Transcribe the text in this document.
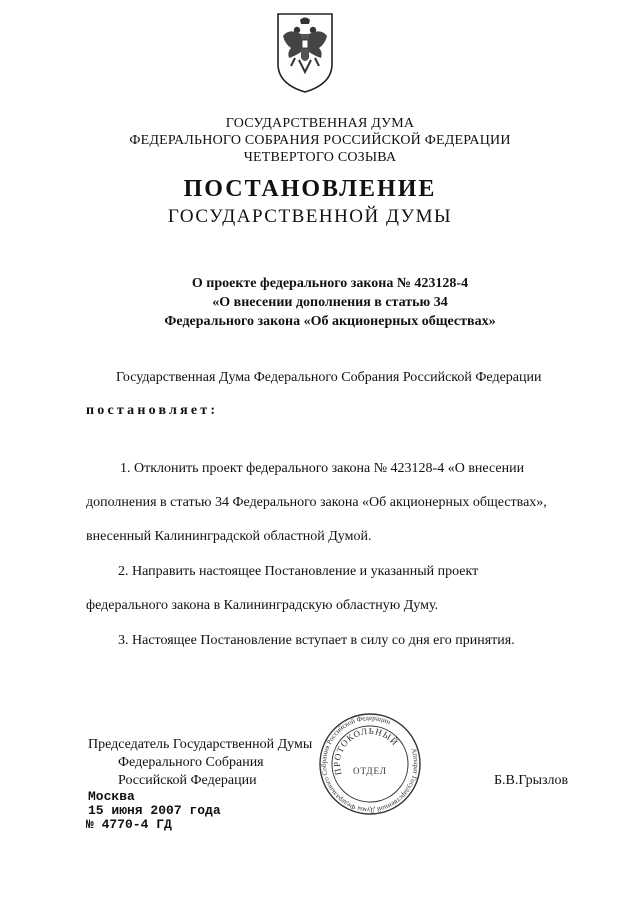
ГОСУДАРСТВЕННАЯ ДУМА
ФЕДЕРАЛЬНОГО СОБРАНИЯ РОССИЙСКОЙ ФЕДЕРАЦИИ
ЧЕТВЕРТОГО СОЗЫВА
ПОСТАНОВЛЕНИЕ
ГОСУДАРСТВЕННОЙ ДУМЫ
О проекте федерального закона № 423128-4
«О внесении дополнения в статью 34
Федерального закона «Об акционерных обществах»
Государственная Дума Федерального Собрания Российской Федерации
постановляет:
1. Отклонить проект федерального закона № 423128-4 «О внесении
дополнения в статью 34 Федерального закона «Об акционерных обществах»,
внесенный Калининградской областной Думой.
2. Направить настоящее Постановление и указанный проект
федерального закона в Калининградскую областную Думу.
3. Настоящее Постановление вступает в силу со дня его принятия.
Председатель Государственной Думы
Федерального Собрания
Российской Федерации	Б.В.Грызлов
Москва
15 июня 2007 года
№ 4770-4 ГД
Аппарат Государственной Думы Федерального Собрания Российской Федерации
ПРОТОКОЛЬНЫЙ
ОТДЕЛ
